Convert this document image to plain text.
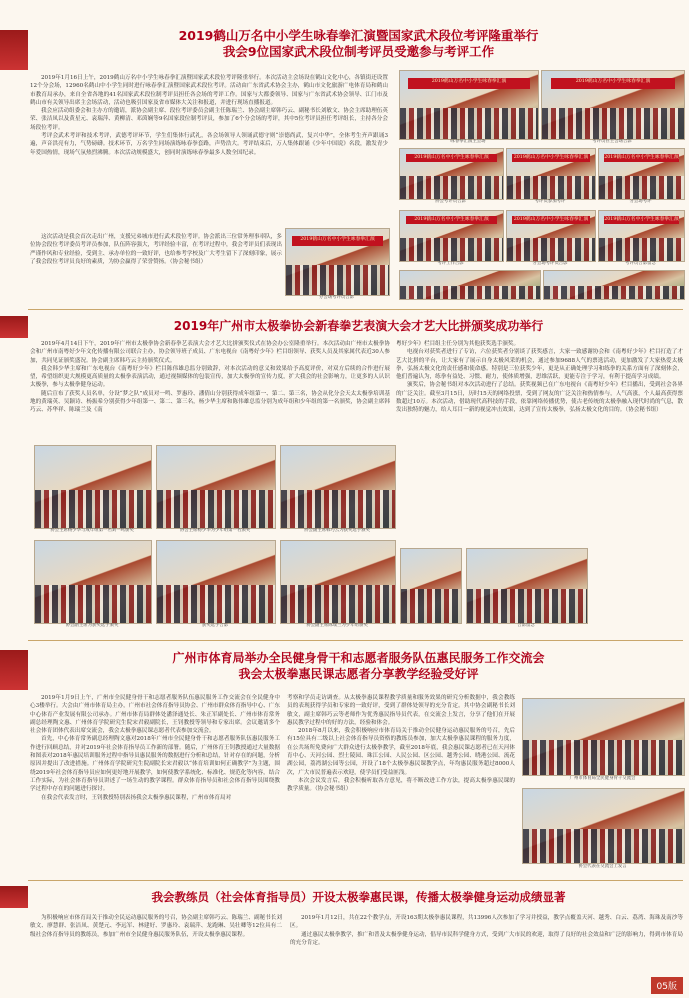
2019鹤山万名中小学生咏春拳汇演暨国家武术段位考评隆重举行
我会9位国家武术段位制考评员受邀参与考评工作

2019年1月16日上午，2019鹤山万名中小学生咏春拳汇演暨国家武术段位考评隆重举行。本次活动主会场设在鹤山文化中心，各镇街还设置12个分会场，12960名鹤山中小学生同时进行咏春拳汇演暨国家武术段位考评。活动由广东省武术协会主办，鹤山市文化旅游广电体育局和鹤山市教育局承办，来自全省各地的41名国家武术段位制考评员担任各会场的考评工作。国家与大都委领导、国家与广东省武术协会领导、江门市及鹤山市有关领导出席主会场活动，活动也吸引国家及省市媒体大关注和报道，并进行现场直播报道。

我会应活动组委会和主办方的邀请，派协会副主席、段位考评委员会副主任陈瑞兰、协会副主席韩巧云、副秘书长刘敏文、协会主席助理伍英荣、张洁凤以及黄星元、袁瑞萍、黄柳清、邓茵娴等9名国家段位制考评员，参加了6个分会场的考评，其中5位考评员担任考评组长，主持各分会场段位考评。

考评会武术考评和技术考评，武德考评环节，学生们集体行武礼，各会场领导人领诵武德守则“崇德尚武，复兴中华”，全体考生齐声跟诵3遍，声音洪亮有力，气势磅礴。技术环节，万名学生同场演练咏春拳套路，声势浩大。考评结束后，万人集体跟诵《少年中国说》名段，激发青少年爱国热情，现场气氛热烈沸腾。本次活动规模盛大，创同时演练咏春拳最多人数全国纪录。

这次活动是我会首次走出广州，支援兄弟城市进行武术段位考评。协会派出三位常务理事率队，多位协会段位考评委员考评员参加，队伍阵容强大，考评经验丰富，在考评过程中，我会考评员们表现出严谨作风和专业经验，受到主、承办单位的一致好评，也给参考学校及广大考生留下了深刻印象，展示了我会段位考评员良好的素质，为协会赢得了荣誉赞扬。（协会秘书组）

2019鹤山万名中小学生咏春拳汇演	2019鹤山万名中小学生咏春拳汇演
2019鹤山万名中小学生咏春拳汇演	2019鹤山万名中小学生咏春拳汇演	2019鹤山万名中小学生咏春拳汇演
2019鹤山万名中小学生咏春拳汇演	2019鹤山万名中小学生咏春拳汇演	2019鹤山万名中小学生咏春拳汇演
2019鹤山万名中小学生咏春拳汇演
咏春拳汇演主会场	考评员在主会场合影
协会考评员合影	考评员参加考评	分会场考评
考评工作合影	分会场考评员合影	考评员合影留念
分会场考评员合影
2019年广州市太极拳协会新春拳艺表演大会才艺大比拼颁奖成功举行

2019年4月14日下午，2019年广州市太极拳协会新春拳艺表演大会才艺大比拼颁奖仪式在协会办公室隆重举行。本次活动由广州市太极拳协会和广州市南粤好少年文化传播有限公司联合主办，协会领导班子成员、广东电视台《南粤好少年》栏目组领导、获奖人员及其家属代表近30人参加，共同见证颁奖盛况。协会副主席韩巧云主持颁奖仪式。

我会韩少华主席和广东电视台《南粤好少年》栏目陈伟雄总监分别致辞，对本次活动的意义和效果给予高度评价，对双方后续的合作进行展望，希望组织更大规模更高质量的太极拳表演活动，通过视频媒体的包装宣传，加大太极拳的宣传力度，扩大我会的社会影响力，让更多的人认识太极拳，参与太极拳健身运动。

随后宣布了获奖人员名单，分设“梦之队”成员对一鸣、罗惠玲、潘倩山分别获得成年组第一、第二、第三名，协会从化分会天太太极拳培训基地的黄瑞英、吴颖诗、杨振希分别获得少年组第一、第二、第三名，杨少华主席和陈伟雄总监分别为成年组和少年组的第一名颁奖，协会副主席韩巧云、苏华祥、陈瑞兰及《南

粤好少年》栏目组主任分别为其他获奖选手颁奖。

电视台对获奖者进行了专访，六位获奖者分别谈了获奖感言，大家一致感谢协会和《南粤好少年》栏目打造了才艺大比拼的平台，让大家有了展示自身太极风采的机会，通过参加9688人气的票选活动，更加激发了大家热爱太极拳，弘扬太极文化的责任感和使命感。特别是三位获奖少年，更是从正确处理学习和练拳的关系方面有了深刻体会，他们普遍认为，练拳有益处、习惯、耐力，使体质增强，思维活跃，更能专注于学习，有利于提高学习成绩。

颁奖后，协会秘书组对本次活动进行了总结。获奖视频已在广东电视台《南粤好少年》栏目播出，受到社会各界的广泛关注。截至3月15日，历时15天的网络投票，受到了网友的广泛关注和热情参与，人气高涨，个人最高获得票数超过10万。本次活动，借助现代高科技的手段，依靠网络传播优势，使古老传统的太极拳融入现代时尚的气息，散发出独特的魅力，给人耳目一新的视觉冲击效果，达到了宣传太极拳，弘扬太极文化的目的。（协会秘书组）

协会主席杨少华与成年组第一名刘一鸣颁奖	协会主席杨少华为少年组第一名颁奖	协会副主席韩巧云为获奖选手颁奖
协会副主席为获奖选手颁奖	获奖选手合影	协会副主席陈瑞兰为少年组颁奖	合影留念
广州市体育局举办全民健身骨干和志愿者服务队伍惠民服务工作交流会
我会太极拳惠民课志愿者分享教学经验受好评

2019年1月9日上午，广州市全民健身骨干和志愿者服务队伍惠民服务工作交流会在全民健身中心3楼举行。大会由广州市体育局主办，广州市社会体育指导员协会、广州市群众体育指导中心、广东中心体育产业发展有限公司承办。广州市体育局群体处潘泽通处长、朱正军副处长、广州市体育常务副总经理陶文惠、广州体育学院研究生院宋君毅副院长，王钊教授等领导和专家出席。会议邀请多个社会体育团体代表出席交流会，我会太极拳惠民课志愿者代表参加交流会。

首先，中心体育常务副总经理陶文惠对2018年广州市全民健身骨干和志愿者服务队伍惠民服务工作进行回顾总结，并对2019年社会体育指导员工作新的部署。随后，广州体育王钊教授通过大量数据和图表对2018年惠民培训服务过程中指导员惠民服务的数据进行分析和总结，针对存在的问题，分析原因并提出了改进措施。广州体育学院研究生院副院长宋君毅以“体育培训如何正确教学”为主题，围绕2019年社会体育指导员应如何更好地开展教学，如何使教学系统化、标准化、规范化等内容，结合工作实际，为社会体育指导员讲述了一场生动的教学课程。群众体育指导员和社会体育指导员围绕教学过程中存在的问题进行探讨。

在我会代表发言时，王钊教授特别表扬我会太极拳惠民课程，广州市体育局对

考察和学员走访调查。从太极拳惠民课程教学质量和服务效果的研究分析数据中，我会教练员的表现获得学员和专家的一致好评，受到了群体处领导的充分肯定。其中协会副秘书长刘敏文，副主席韩巧云等老师作为优秀惠民指导员代表，在交流会上发言，分享了他们在开展惠民教学过程中的好的方法，经验和体会。

2018年8月以来，我会积极响应市体育局关于推动全民健身运动惠民服务的号召，先后有15位具有二级以上社会体育指导员资格的教练员参加，加大太极拳惠民课程的服务力度，在公共场所免费向广大群众进行太极拳教学，截至2018年底，我会惠民课志愿者已在天河体育中心、天河公园、烈士陵园、珠江公园、人民公园、区公园、越秀公园、晓港公园、流花湖公园，荔湾湖公园等公园，开设了18个太极拳惠民课教学点，年均惠民服务超过8000人次，广大市民普遍表示欢迎，使学员们受益匪浅。

本次会议发言后，我会积极听取各方意见，将不断改进工作方法，提高太极拳惠民课的教学质量。（协会秘书组）

广州市体育局全民健身骨干交流会
协会代表在交流会上发言
我会教练员（社会体育指导员）开设太极拳惠民课，传播太极拳健身运动成绩显著

为积极响应市体育局关于推动全民运动惠民服务的号召，协会副主席韩巧云、陈瑞兰、副秘书长刘敏文、廖慧群、张洁凤、黄楚元、李远军、林建好、罗惠玲、袁瑞萍、龙跑琳、吴壮卿等12位具有二级社会体育指导员的教练员，参加广州市全民健身惠民服务队伍，开设太极拳惠民课程。

2019年1月12日，共在22个教学点，开设163期太极拳惠民课程，共13996人次参加了学习并授益，教学点覆盖天河、越秀、白云、荔湾、海珠及南沙等区。

通过惠民太极拳教学，推广和普及太极拳健身运动，倡导市民科学健身方式，受到广大市民的欢迎，取得了良好的社会效益和广泛的影响力，得到市体育局的充分肯定。

05版
